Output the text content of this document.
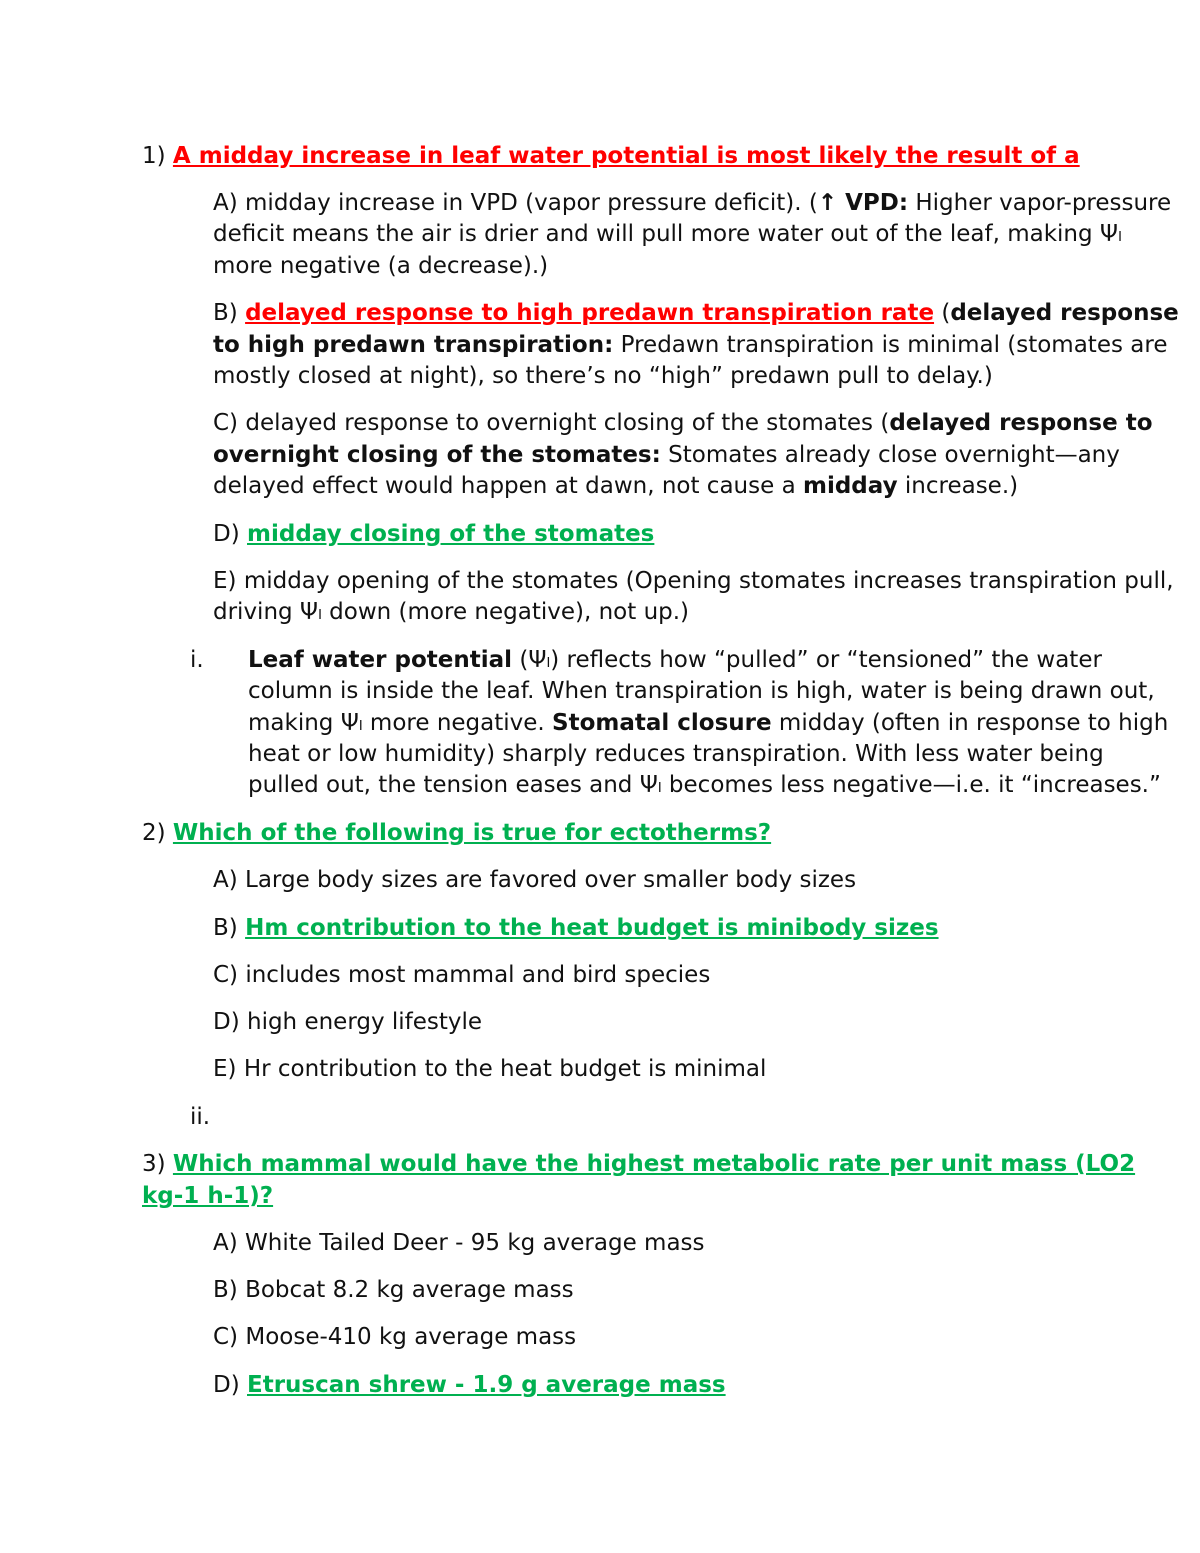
1) A midday increase in leaf water potential is most likely the result of a
A) midday increase in VPD (vapor pressure deficit). (↑ VPD: Higher vapor-pressure
deficit means the air is drier and will pull more water out of the leaf, making Ψₗ
more negative (a decrease).)
B) delayed response to high predawn transpiration rate (delayed response
to high predawn transpiration: Predawn transpiration is minimal (stomates are
mostly closed at night), so there’s no “high” predawn pull to delay.)
C) delayed response to overnight closing of the stomates (delayed response to
overnight closing of the stomates: Stomates already close overnight—any
delayed effect would happen at dawn, not cause a midday increase.)
D) midday closing of the stomates
E) midday opening of the stomates (Opening stomates increases transpiration pull,
driving Ψₗ down (more negative), not up.)
i. Leaf water potential (Ψₗ) reflects how “pulled” or “tensioned” the water
column is inside the leaf. When transpiration is high, water is being drawn out,
making Ψₗ more negative. Stomatal closure midday (often in response to high
heat or low humidity) sharply reduces transpiration. With less water being
pulled out, the tension eases and Ψₗ becomes less negative—i.e. it “increases.”
2) Which of the following is true for ectotherms?
A) Large body sizes are favored over smaller body sizes
B) Hm contribution to the heat budget is minibody sizes
C) includes most mammal and bird species
D) high energy lifestyle
E) Hr contribution to the heat budget is minimal
ii.
3) Which mammal would have the highest metabolic rate per unit mass (LO2
kg-1 h-1)?
A) White Tailed Deer - 95 kg average mass
B) Bobcat 8.2 kg average mass
C) Moose-410 kg average mass
D) Etruscan shrew - 1.9 g average mass
